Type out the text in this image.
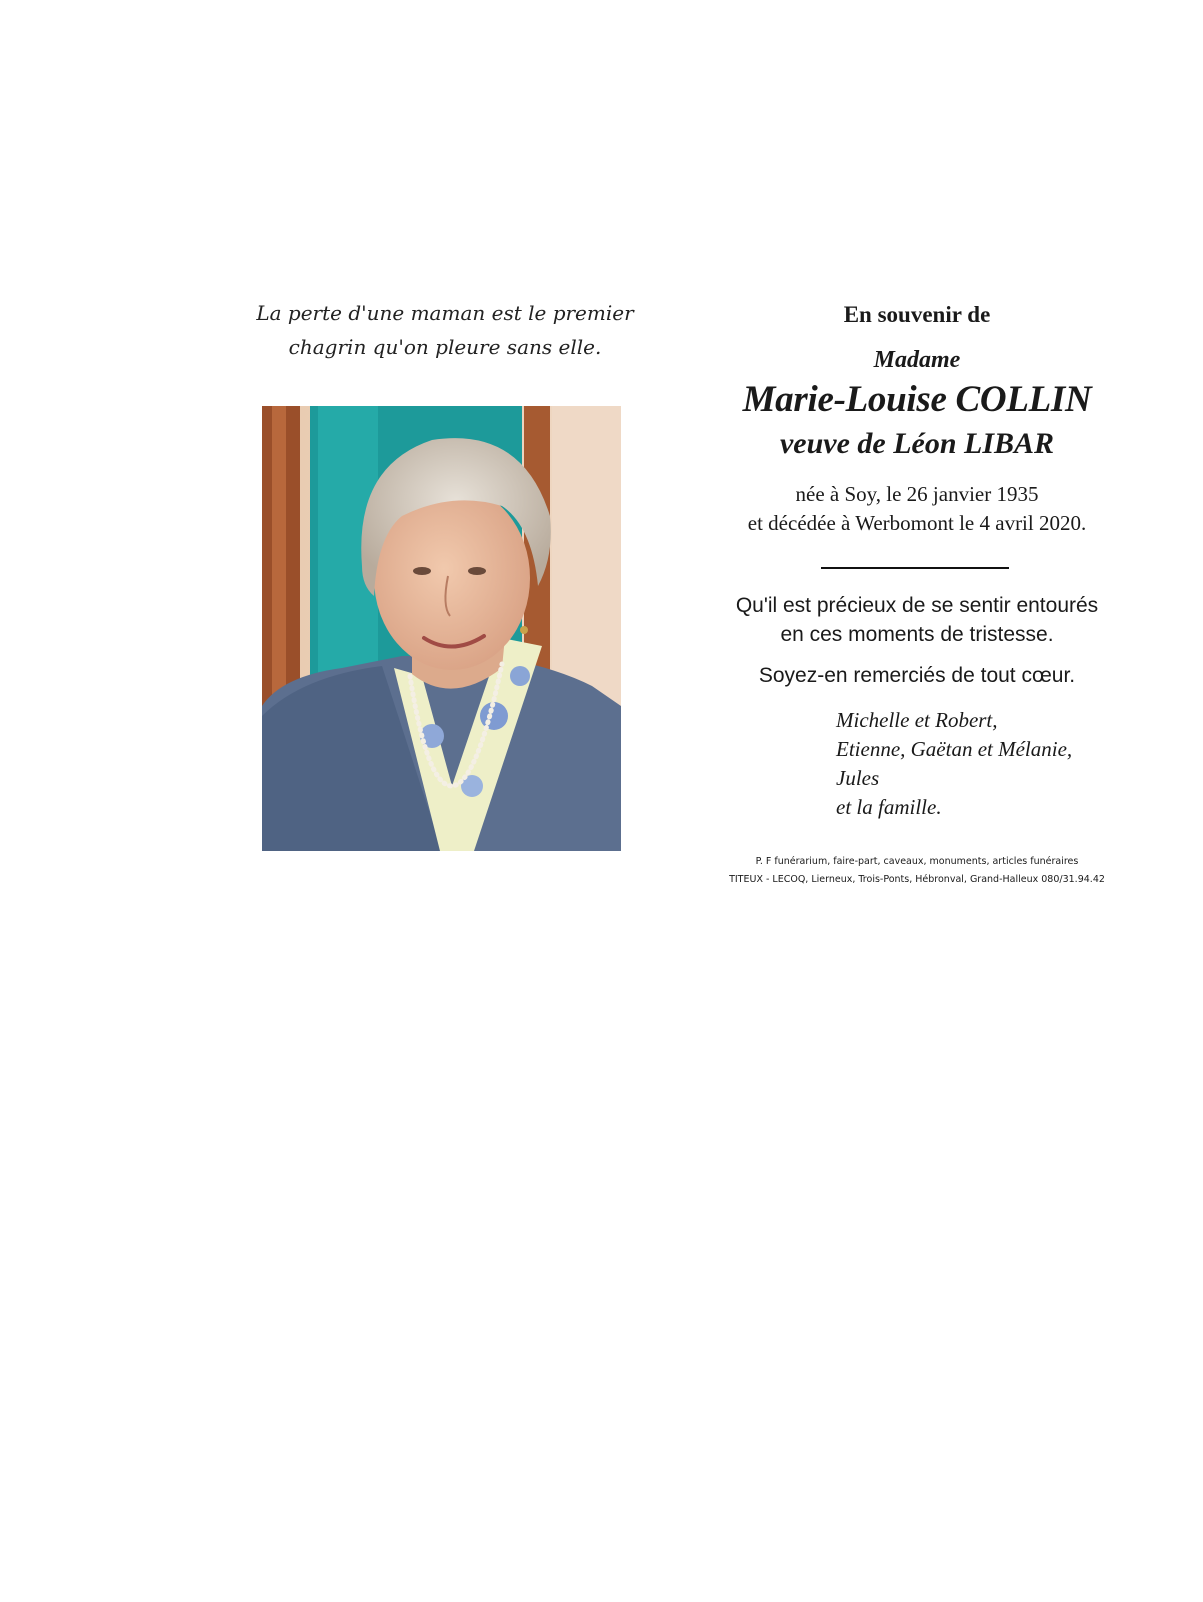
La perte d'une maman est le premier
chagrin qu'on pleure sans elle.
En souvenir de
Madame
Marie-Louise COLLIN
veuve de Léon LIBAR
née à Soy, le 26 janvier 1935
et décédée à Werbomont le 4 avril 2020.
Qu'il est précieux de se sentir entourés
en ces moments de tristesse.
Soyez-en remerciés de tout cœur.
Michelle et Robert,
Etienne, Gaëtan et Mélanie,
Jules
et la famille.
P. F funérarium, faire-part, caveaux, monuments, articles funéraires
TITEUX - LECOQ, Lierneux, Trois-Ponts, Hébronval, Grand-Halleux 080/31.94.42
